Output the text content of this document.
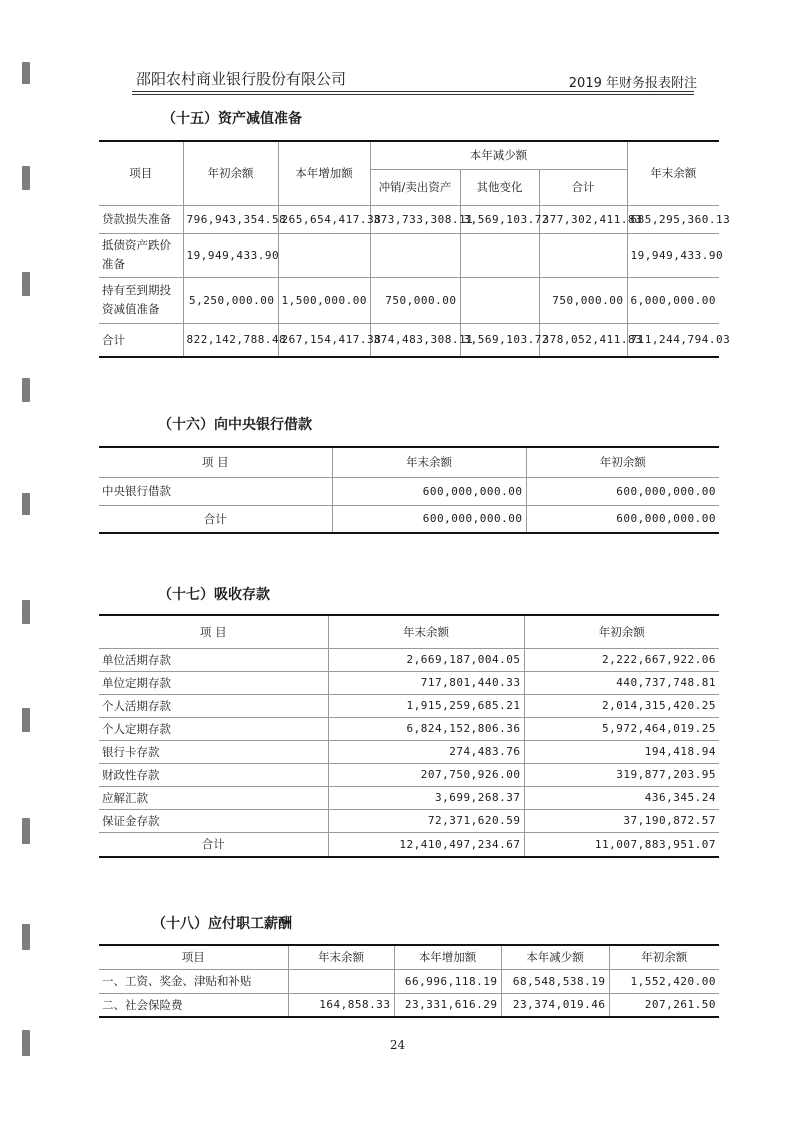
邵阳农村商业银行股份有限公司	2019 年财务报表附注
（十五）资产减值准备
项目	年初余额	本年增加额	本年减少额			年末余额
			冲销/卖出资产	其他变化	合计	
贷款损失准备	796,943,354.58	265,654,417.38	373,733,308.11	3,569,103.72	377,302,411.83	685,295,360.13
抵债资产跌价准备	19,949,433.90					19,949,433.90
持有至到期投资减值准备	5,250,000.00	1,500,000.00	750,000.00		750,000.00	6,000,000.00
合计	822,142,788.48	267,154,417.38	374,483,308.11	3,569,103.72	378,052,411.83	711,244,794.03
（十六）向中央银行借款
项 目	年末余额	年初余额
中央银行借款	600,000,000.00	600,000,000.00
合计	600,000,000.00	600,000,000.00
（十七）吸收存款
项 目	年末余额	年初余额
单位活期存款	2,669,187,004.05	2,222,667,922.06
单位定期存款	717,801,440.33	440,737,748.81
个人活期存款	1,915,259,685.21	2,014,315,420.25
个人定期存款	6,824,152,806.36	5,972,464,019.25
银行卡存款	274,483.76	194,418.94
财政性存款	207,750,926.00	319,877,203.95
应解汇款	3,699,268.37	436,345.24
保证金存款	72,371,620.59	37,190,872.57
合计	12,410,497,234.67	11,007,883,951.07
（十八）应付职工薪酬
项目	年末余额	本年增加额	本年减少额	年初余额
一、工资、奖金、津贴和补贴		66,996,118.19	68,548,538.19	1,552,420.00
二、社会保险费	164,858.33	23,331,616.29	23,374,019.46	207,261.50
24
